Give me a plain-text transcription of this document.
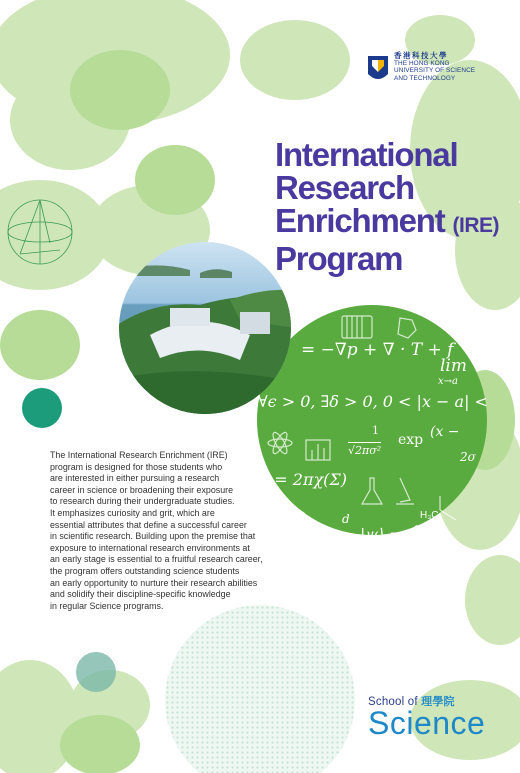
= −∇p + ∇ · T + f
lim
x→a
∀ϵ > 0, ∃δ > 0, 0 < |x − a| <
1
√2πσ²
exp (x −
2σ
dS = 2πχ(Σ)
iħ
d
dt |ψ⟩ = Ĥ
H₃C
香港科技大學
THE HONG KONG
UNIVERSITY OF SCIENCE
AND TECHNOLOGY
International
Research
Enrichment (IRE)
Program
The International Research Enrichment (IRE)
program is designed for those students who
are interested in either pursuing a research
career in science or broadening their exposure
to research during their undergraduate studies.
It emphasizes curiosity and grit, which are
essential attributes that define a successful career
in scientific research. Building upon the premise that
exposure to international research environments at
an early stage is essential to a fruitful research career,
the program offers outstanding science students
an early opportunity to nurture their research abilities
and solidify their discipline-specific knowledge
in regular Science programs.
School of 理學院
Science
